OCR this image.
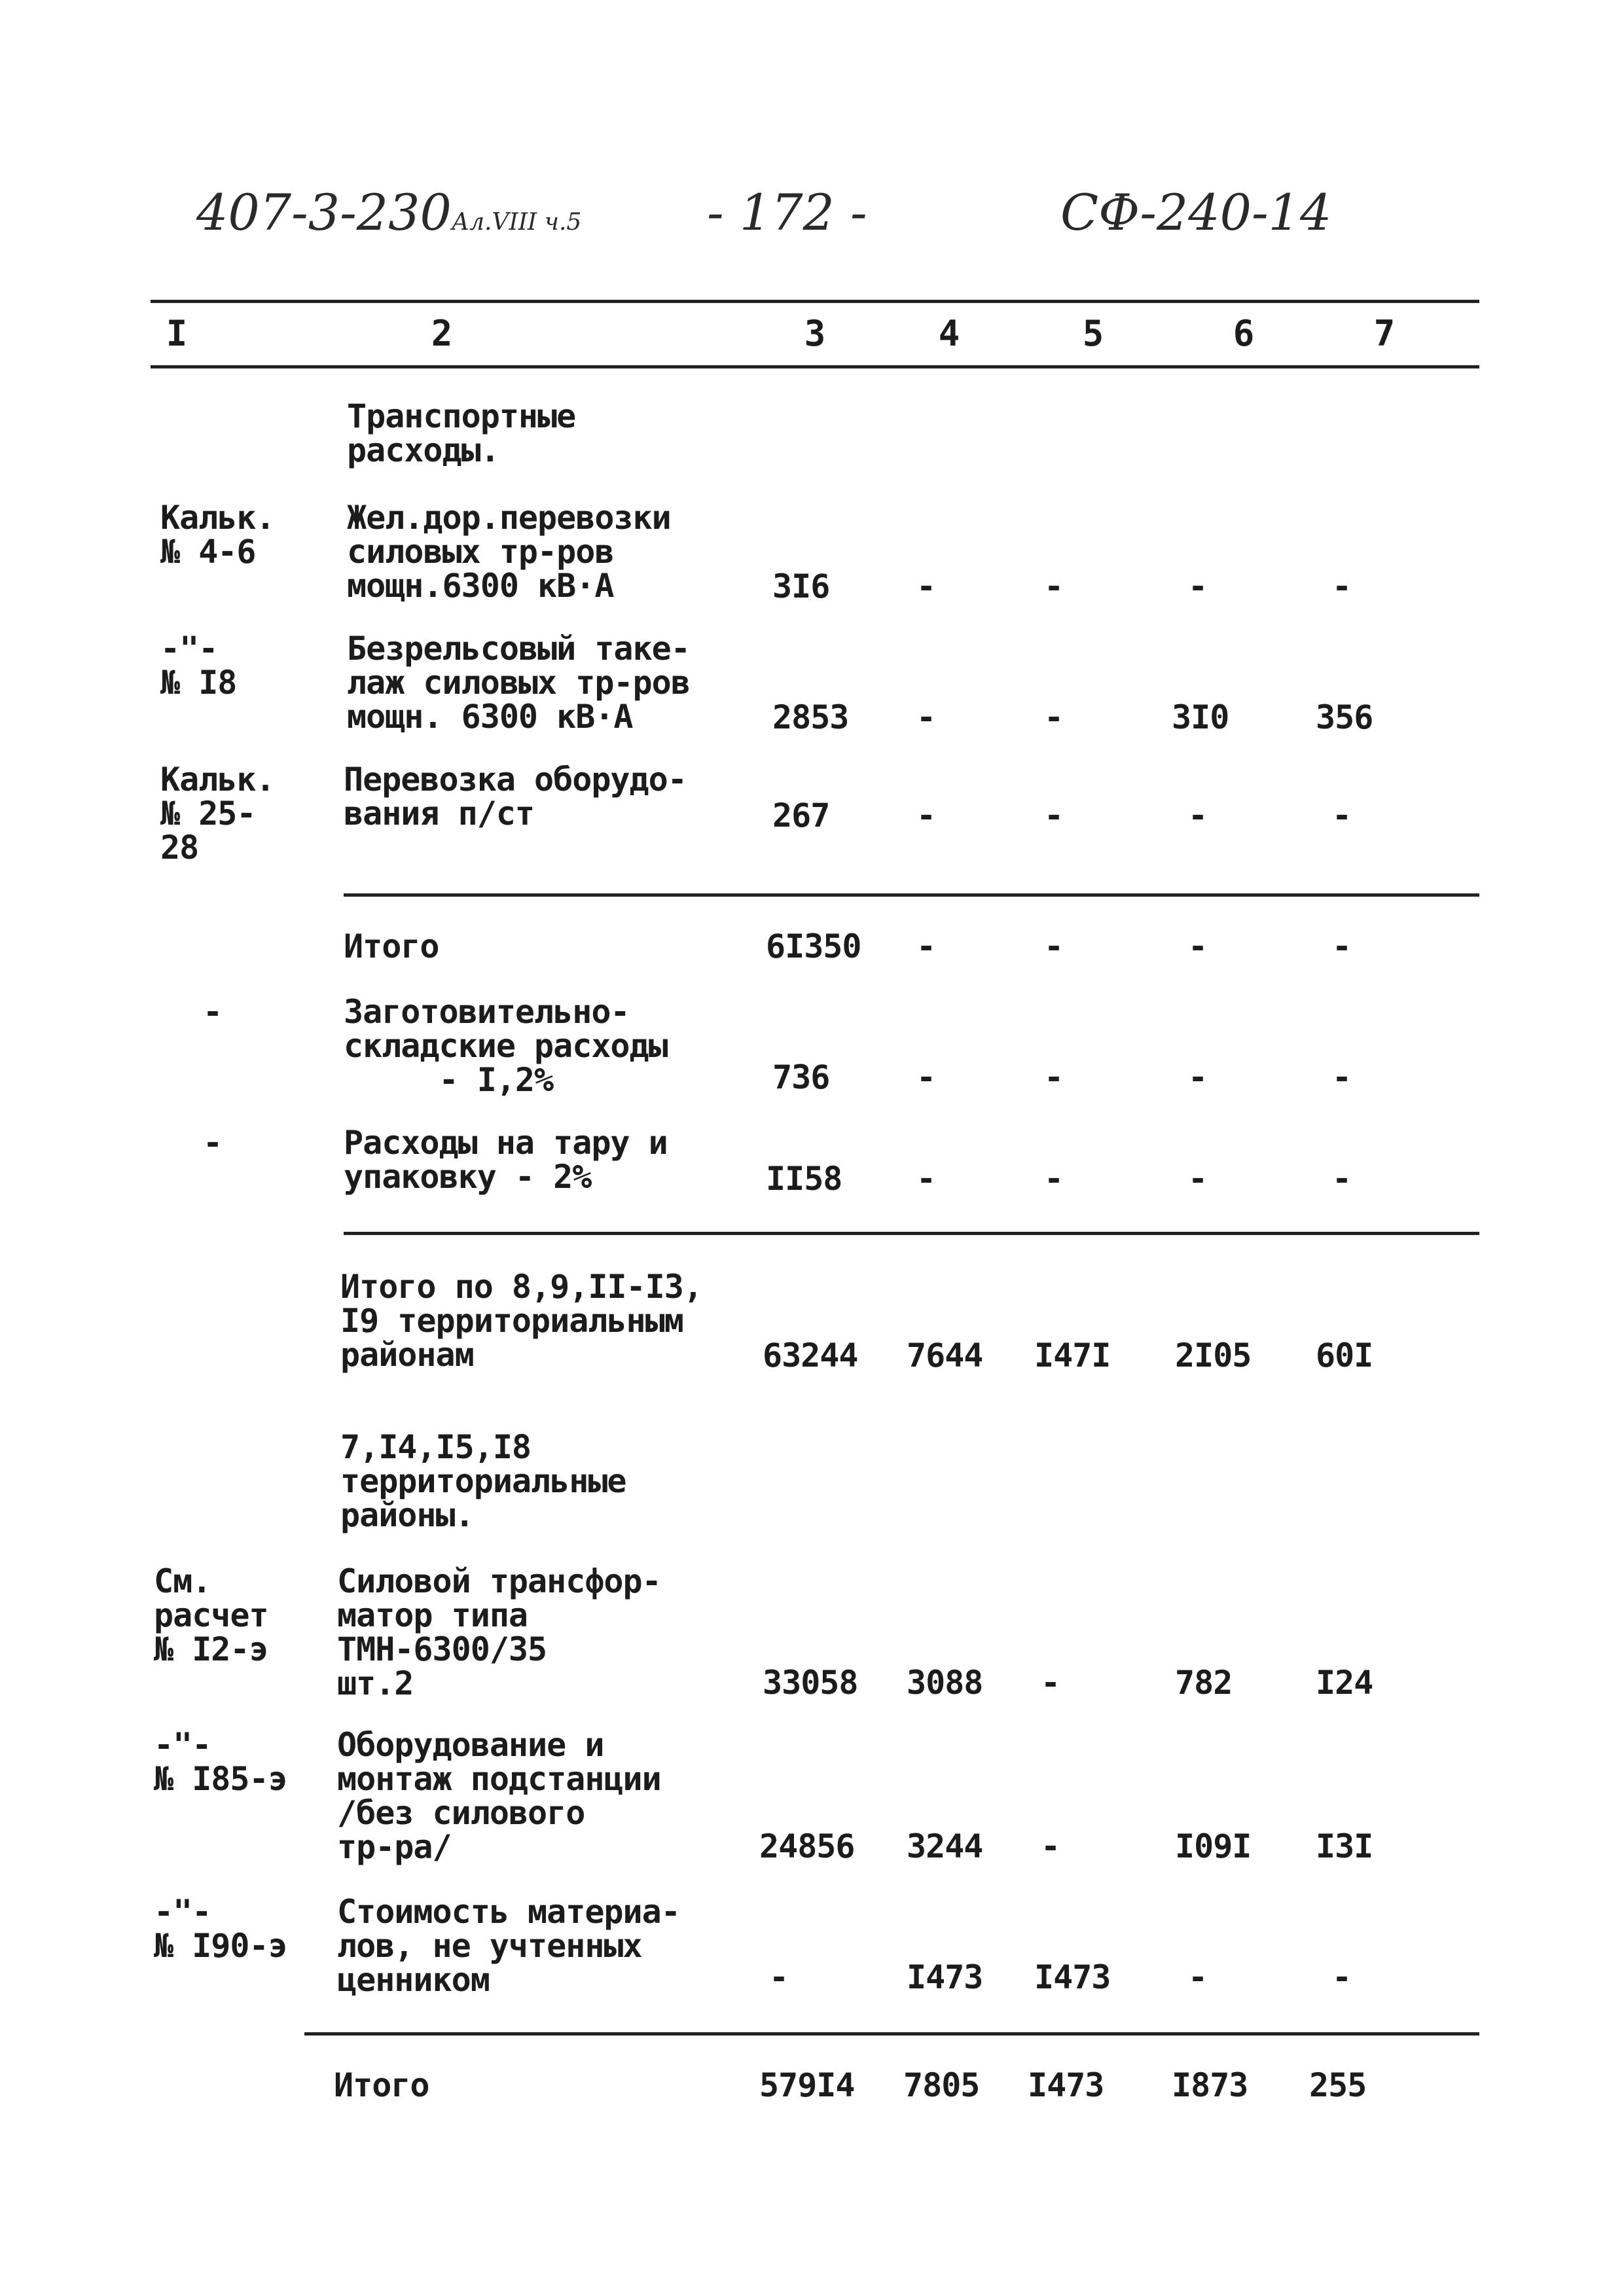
407-3-230Ал.VIII ч.5	- 172 -	СФ-240-14
I	2	3	4	5	6	7
Транспортные
расходы.
Кальк.
№ 4-6
Жел.дор.перевозки
силовых тр-ров
мощн.6300 кВ·А	3I6	-	-	-	-
-"-
№ I8
Безрельсовый таке-
лаж силовых тр-ров
мощн. 6300 кВ·А	2853 -	-	3I0	356
Кальк.
№ 25-
28
Перевозка оборудо-
вания п/ст	267	-	-	-	-
Итого	6I350 -	-	-	-
-	Заготовительно-
складские расходы
- I,2%	736	-	-	-	-
-	Расходы на тару и
упаковку - 2%	II58 -	-	-	-
Итого по 8,9,II-I3,
I9 территориальным
районам	63244 7644 I47I 2I05 60I
7,I4,I5,I8
территориальные
районы.
См.
расчет
№ I2-э
Силовой трансфор-
матор типа
ТМН-6300/35
шт.2	33058 3088 -	782	I24
-"-
№ I85-э
Оборудование и
монтаж подстанции
/без силового
тр-ра/	24856 3244 -	I09I I3I
-"-
№ I90-э
Стоимость материа-
лов, не учтенных
ценником	-	I473 I473 -	-
Итого	579I4 7805 I473 I873 255
